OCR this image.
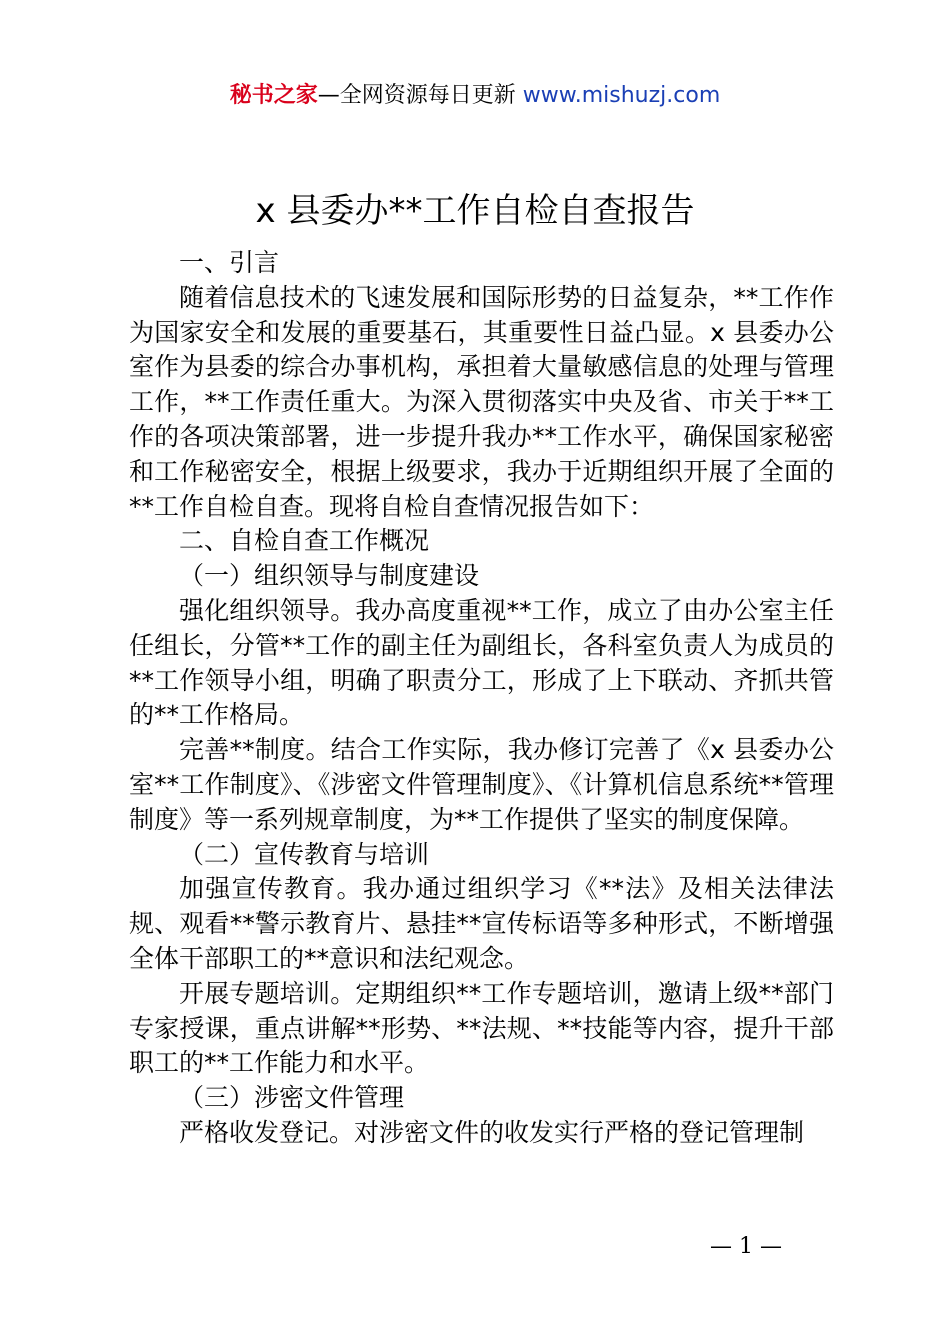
秘书之家—全网资源每日更新 www.mishuzj.com
x 县委办**工作自检自查报告

一、引言

随着信息技术的飞速发展和国际形势的日益复杂，**工作作为国家安全和发展的重要基石，其重要性日益凸显。x 县委办公室作为县委的综合办事机构，承担着大量敏感信息的处理与管理工作，**工作责任重大。为深入贯彻落实中央及省、市关于**工作的各项决策部署，进一步提升我办**工作水平，确保国家秘密和工作秘密安全，根据上级要求，我办于近期组织开展了全面的**工作自检自查。现将自检自查情况报告如下：

二、自检自查工作概况

（一）组织领导与制度建设

强化组织领导。我办高度重视**工作，成立了由办公室主任任组长，分管**工作的副主任为副组长，各科室负责人为成员的**工作领导小组，明确了职责分工，形成了上下联动、齐抓共管的**工作格局。

完善**制度。结合工作实际，我办修订完善了《x 县委办公室**工作制度》、《涉密文件管理制度》、《计算机信息系统**管理制度》等一系列规章制度，为**工作提供了坚实的制度保障。

（二）宣传教育与培训

加强宣传教育。我办通过组织学习《**法》及相关法律法规、观看**警示教育片、悬挂**宣传标语等多种形式，不断增强全体干部职工的**意识和法纪观念。

开展专题培训。定期组织**工作专题培训，邀请上级**部门专家授课，重点讲解**形势、**法规、**技能等内容，提升干部职工的**工作能力和水平。

（三）涉密文件管理

严格收发登记。对涉密文件的收发实行严格的登记管理制

— 1 —
